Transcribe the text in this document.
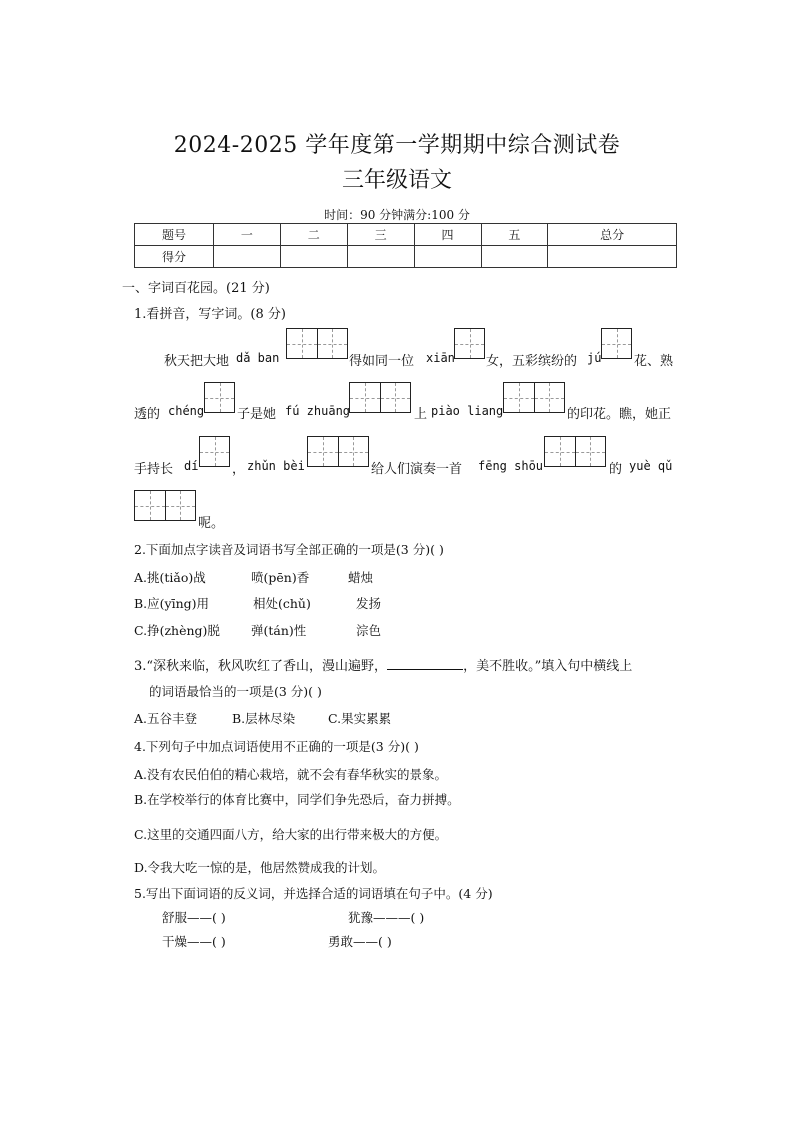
2024-2025 学年度第一学期期中综合测试卷
三年级语文
时间：90 分钟满分:100 分
题号	一	二	三	四	五	总分
得分						
一、字词百花园。(21 分)
1.看拼音，写字词。(8 分)
秋天把大地 dǎ ban	得如同一位 xiān 女，五彩缤纷的 jú	花、熟
透的 chéng	子是她 fú zhuāng	上 piào liang	的印花。瞧，她正
手持长 dí	， zhǔn bèi	给人们演奏一首 fēng shōu	的 yuè qǔ
呢。
2.下面加点字读音及词语书写全部正确的一项是(3 分)( )
A.挑(tiǎo)战	喷(pēn)香	蜡烛
B.应(yīng)用	相处(chǔ)	发扬
C.挣(zhèng)脱 弹(tán)性	淙色
3.“深秋来临，秋风吹红了香山，漫山遍野，	，美不胜收。”填入句中横线上
的词语最恰当的一项是(3 分)( )
A.五谷丰登	B.层林尽染	C.果实累累
4.下列句子中加点词语使用不正确的一项是(3 分)( )
A.没有农民伯伯的精心栽培，就不会有春华秋实的景象。
B.在学校举行的体育比赛中，同学们争先恐后，奋力拼搏。
C.这里的交通四面八方，给大家的出行带来极大的方便。
D.令我大吃一惊的是，他居然赞成我的计划。
5.写出下面词语的反义词，并选择合适的词语填在句子中。(4 分)
舒服——( )	犹豫———( )
干燥——( )	勇敢——( )
